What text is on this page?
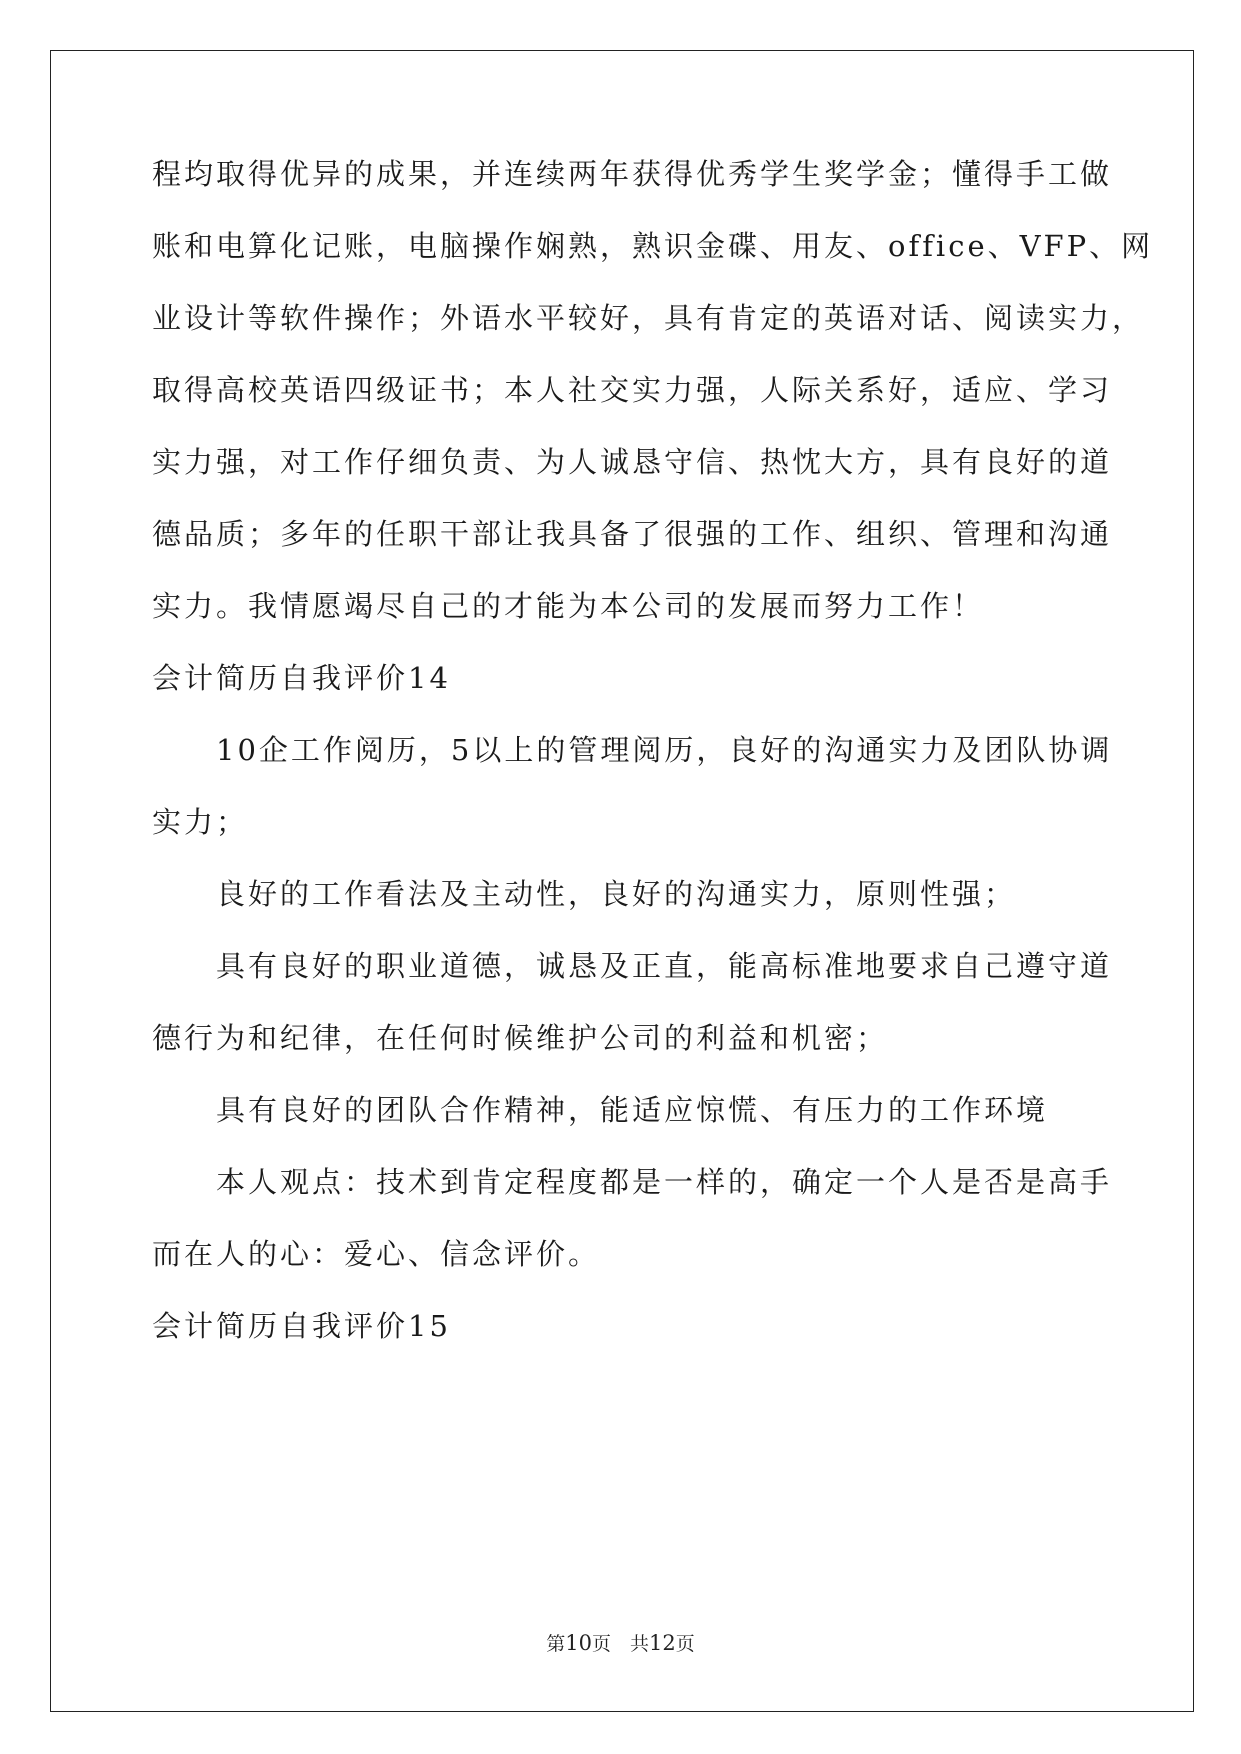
程均取得优异的成果，并连续两年获得优秀学生奖学金；懂得手工做

账和电算化记账，电脑操作娴熟，熟识金碟、用友、office、VFP、网

业设计等软件操作；外语水平较好，具有肯定的英语对话、阅读实力，

取得高校英语四级证书；本人社交实力强，人际关系好，适应、学习

实力强，对工作仔细负责、为人诚恳守信、热忱大方，具有良好的道

德品质；多年的任职干部让我具备了很强的工作、组织、管理和沟通

实力。我情愿竭尽自己的才能为本公司的发展而努力工作！

会计简历自我评价14

10企工作阅历，5以上的管理阅历，良好的沟通实力及团队协调

实力；

良好的工作看法及主动性，良好的沟通实力，原则性强；

具有良好的职业道德，诚恳及正直，能高标准地要求自己遵守道

德行为和纪律，在任何时候维护公司的利益和机密；

具有良好的团队合作精神，能适应惊慌、有压力的工作环境

本人观点：技术到肯定程度都是一样的，确定一个人是否是高手

而在人的心：爱心、信念评价。

会计简历自我评价15

第10页　共12页
